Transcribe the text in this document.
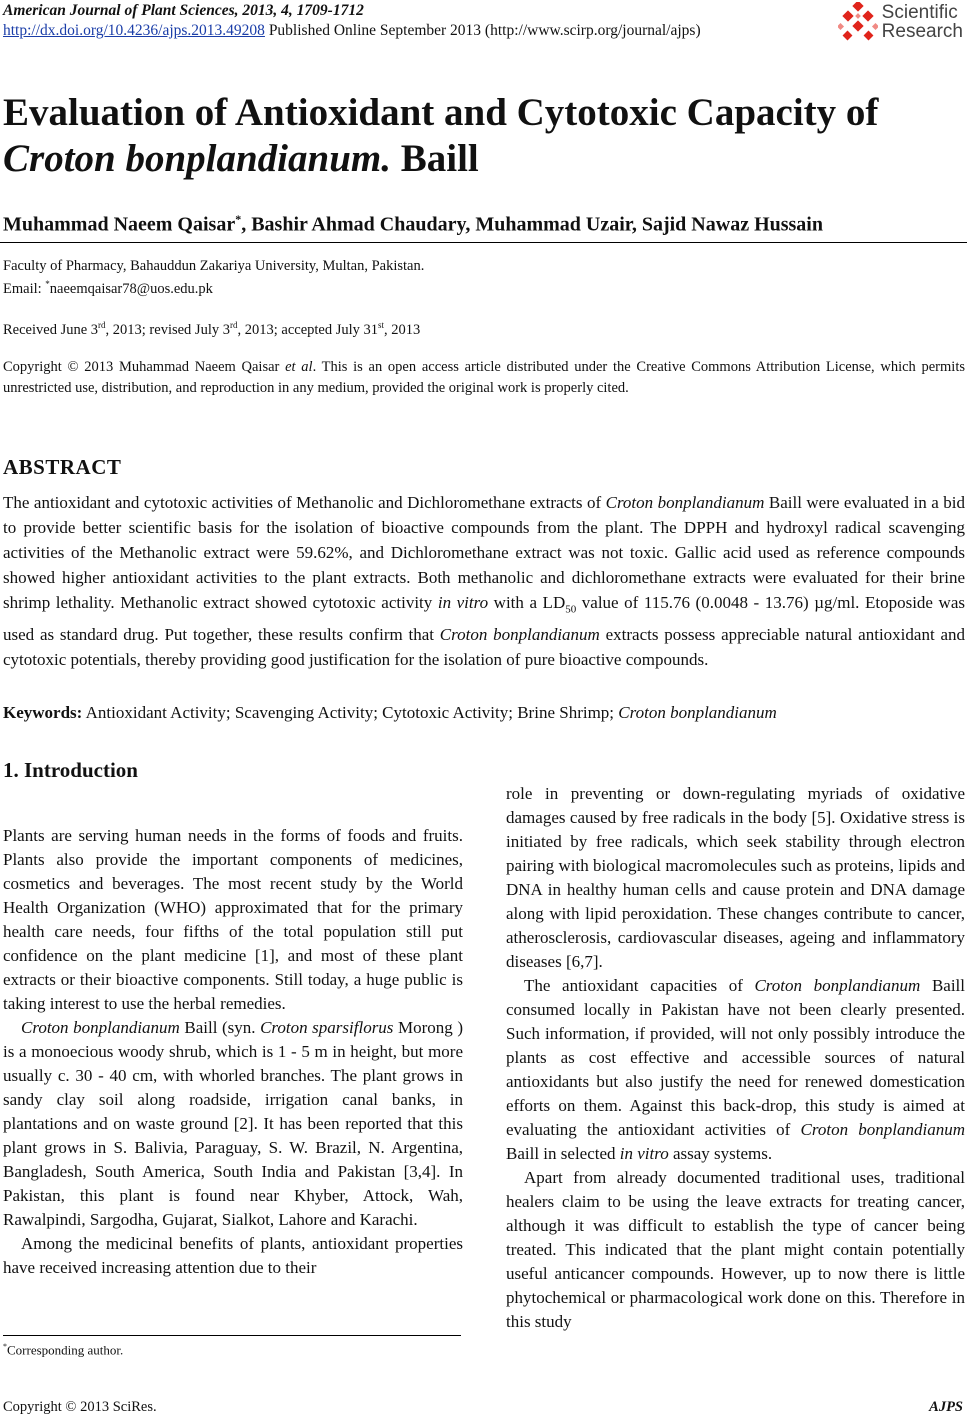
American Journal of Plant Sciences, 2013, 4, 1709-1712
http://dx.doi.org/10.4236/ajps.2013.49208 Published Online September 2013 (http://www.scirp.org/journal/ajps)
Scientific
Research
Evaluation of Antioxidant and Cytotoxic Capacity of
Croton bonplandianum. Baill
Muhammad Naeem Qaisar*, Bashir Ahmad Chaudary, Muhammad Uzair, Sajid Nawaz Hussain
Faculty of Pharmacy, Bahauddun Zakariya University, Multan, Pakistan.
Email: *naeemqaisar78@uos.edu.pk
Received June 3rd, 2013; revised July 3rd, 2013; accepted July 31st, 2013
Copyright © 2013 Muhammad Naeem Qaisar et al. This is an open access article distributed under the Creative Commons Attribution License, which permits unrestricted use, distribution, and reproduction in any medium, provided the original work is properly cited.
ABSTRACT

The antioxidant and cytotoxic activities of Methanolic and Dichloromethane extracts of Croton bonplandianum Baill were evaluated in a bid to provide better scientific basis for the isolation of bioactive compounds from the plant. The DPPH and hydroxyl radical scavenging activities of the Methanolic extract were 59.62%, and Dichloromethane extract was not toxic. Gallic acid used as reference compounds showed higher antioxidant activities to the plant extracts. Both methanolic and dichloromethane extracts were evaluated for their brine shrimp lethality. Methanolic extract showed cytotoxic activity in vitro with a $LD_{50}$ value of 115.76 (0.0048 - 13.76) µg/ml. Etoposide was used as standard drug. Put together, these results confirm that Croton bonplandianum extracts possess appreciable natural antioxidant and cytotoxic potentials, thereby providing good justification for the isolation of pure bioactive compounds.

Keywords: Antioxidant Activity; Scavenging Activity; Cytotoxic Activity; Brine Shrimp; Croton bonplandianum
1. Introduction

Plants are serving human needs in the forms of foods and fruits. Plants also provide the important components of medicines, cosmetics and beverages. The most recent study by the World Health Organization (WHO) approximated that for the primary health care needs, four fifths of the total population still put confidence on the plant medicine [1], and most of these plant extracts or their bioactive components. Still today, a huge public is taking interest to use the herbal remedies.

Croton bonplandianum Baill (syn. Croton sparsiflorus Morong ) is a monoecious woody shrub, which is 1 - 5 m in height, but more usually c. 30 - 40 cm, with whorled branches. The plant grows in sandy clay soil along roadside, irrigation canal banks, in plantations and on waste ground [2]. It has been reported that this plant grows in S. Balivia, Paraguay, S. W. Brazil, N. Argentina, Bangladesh, South America, South India and Pakistan [3,4]. In Pakistan, this plant is found near Khyber, Attock, Wah, Rawalpindi, Sargodha, Gujarat, Sialkot, Lahore and Karachi.

Among the medicinal benefits of plants, antioxidant properties have received increasing attention due to their

role in preventing or down-regulating myriads of oxidative damages caused by free radicals in the body [5]. Oxidative stress is initiated by free radicals, which seek stability through electron pairing with biological macromolecules such as proteins, lipids and DNA in healthy human cells and cause protein and DNA damage along with lipid peroxidation. These changes contribute to cancer, atherosclerosis, cardiovascular diseases, ageing and inflammatory diseases [6,7].

The antioxidant capacities of Croton bonplandianum Baill consumed locally in Pakistan have not been clearly presented. Such information, if provided, will not only possibly introduce the plants as cost effective and accessible sources of natural antioxidants but also justify the need for renewed domestication efforts on them. Against this back-drop, this study is aimed at evaluating the antioxidant activities of Croton bonplandianum Baill in selected in vitro assay systems.

Apart from already documented traditional uses, traditional healers claim to be using the leave extracts for treating cancer, although it was difficult to establish the type of cancer being treated. This indicated that the plant might contain potentially useful anticancer compounds. However, up to now there is little phytochemical or pharmacological work done on this. Therefore in this study

*Corresponding author.
Copyright © 2013 SciRes.	AJPS
